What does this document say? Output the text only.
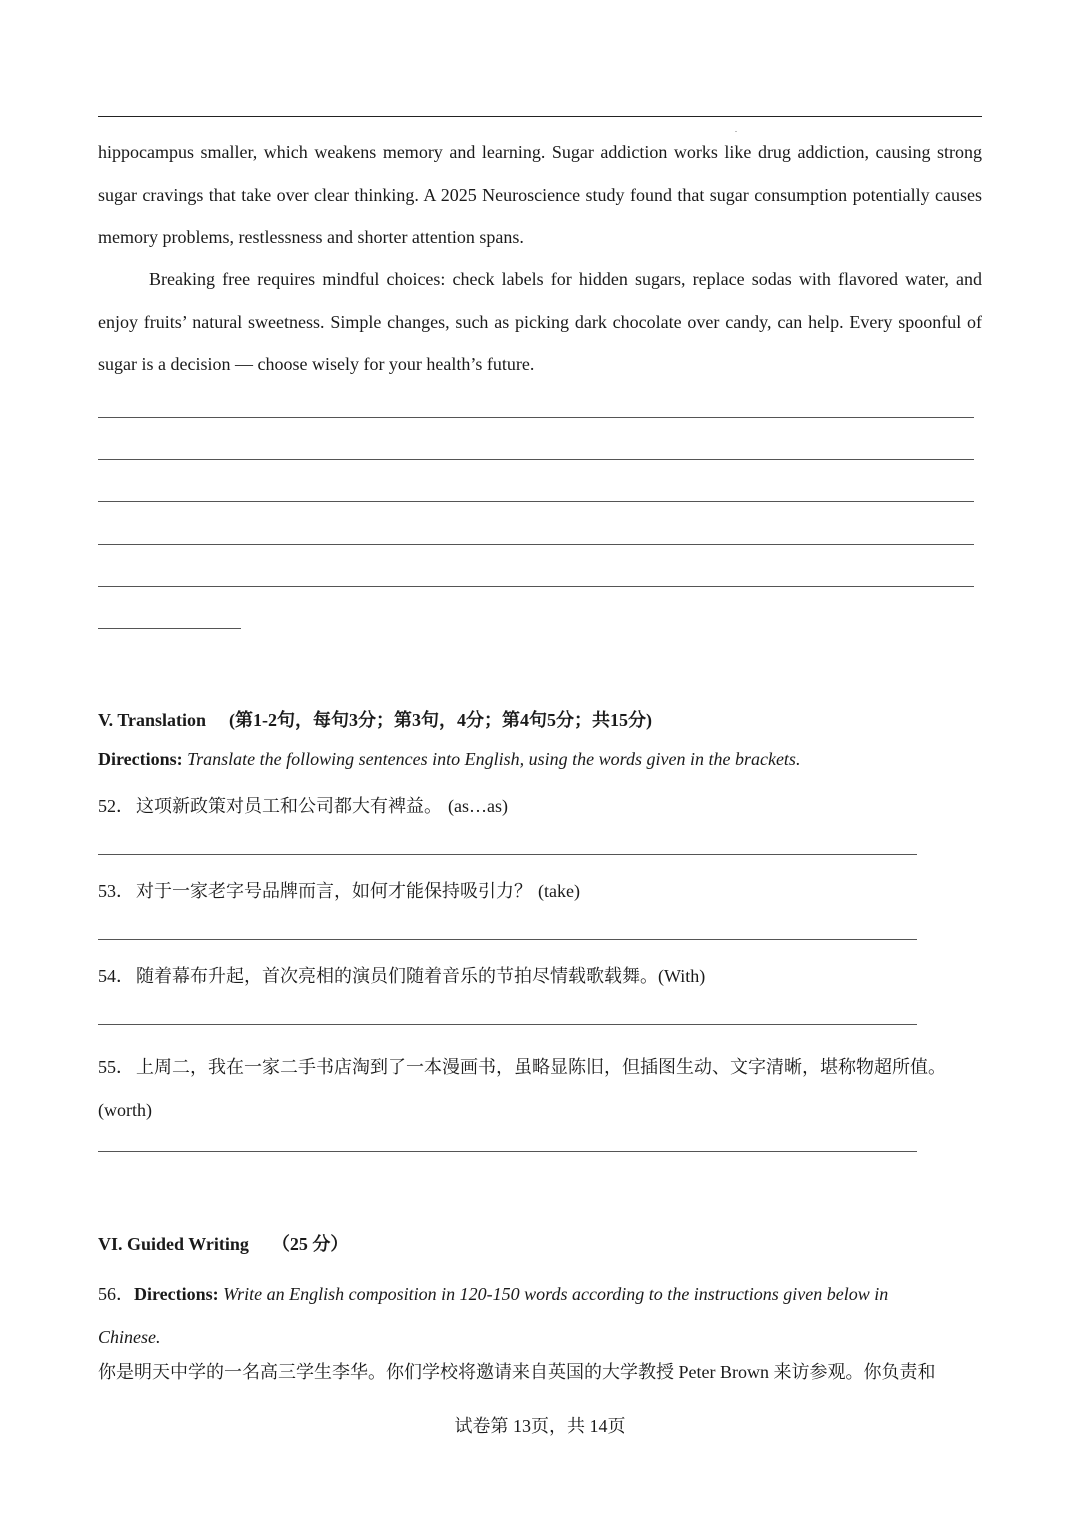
hippocampus smaller, which weakens memory and learning. Sugar addiction works like drug addiction, causing strong sugar cravings that take over clear thinking. A 2025 Neuroscience study found that sugar consumption potentially causes memory problems, restlessness and shorter attention spans.

Breaking free requires mindful choices: check labels for hidden sugars, replace sodas with flavored water, and enjoy fruits’ natural sweetness. Simple changes, such as picking dark chocolate over candy, can help. Every spoonful of sugar is a decision — choose wisely for your health’s future.

V. Translation (第1-2句，每句3分；第3句，4分；第4句5分；共15分)
Directions: Translate the following sentences into English, using the words given in the brackets.
52． 这项新政策对员工和公司都大有裨益。 (as…as)
53． 对于一家老字号品牌而言，如何才能保持吸引力？ (take)
54． 随着幕布升起，首次亮相的演员们随着音乐的节拍尽情载歌载舞。(With)
55． 上周二，我在一家二手书店淘到了一本漫画书，虽略显陈旧，但插图生动、文字清晰，堪称物超所值。
(worth)
VI. Guided Writing （25 分）
56．Directions: Write an English composition in 120-150 words according to the instructions given below in Chinese.
你是明天中学的一名高三学生李华。你们学校将邀请来自英国的大学教授 Peter Brown 来访参观。你负责和
试卷第 13页，共 14页
